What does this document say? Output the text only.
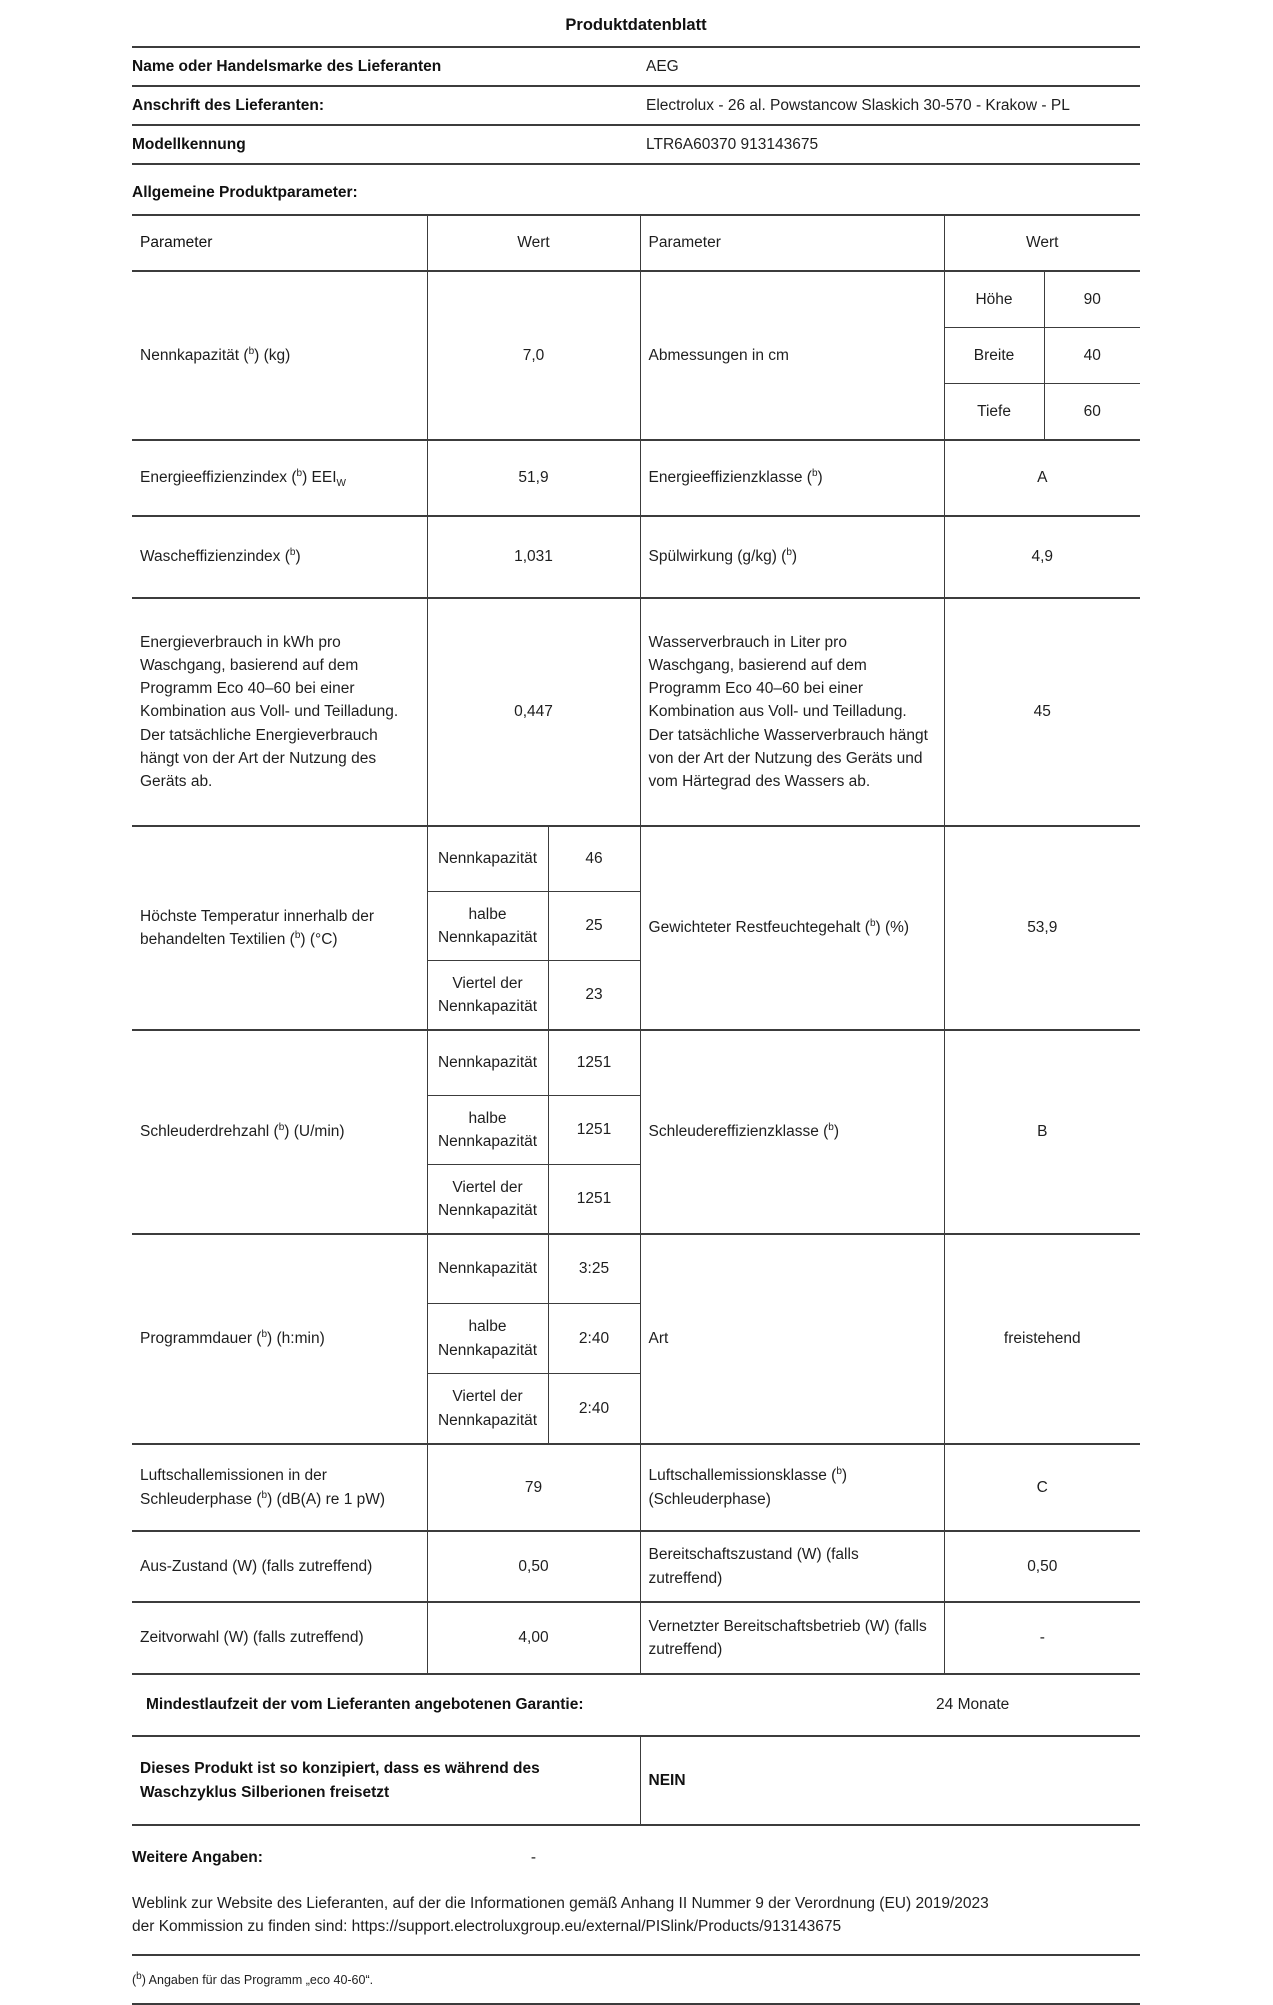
Produktdatenblatt
Name oder Handelsmarke des Lieferanten	AEG
Anschrift des Lieferanten:	Electrolux - 26 al. Powstancow Slaskich 30-570 - Krakow - PL
Modellkennung	LTR6A60370 913143675
Allgemeine Produktparameter:
Parameter	Wert		Parameter	Wert	
Nennkapazität ($^b$) (kg)	7,0		Abmessungen in cm	Höhe	90
				Breite	40
				Tiefe	60
Energieeffizienzindex ($^b$) $EEI_W$	51,9		Energieeffizienzklasse ($^b$)	A	
Wascheffizienzindex ($^b$)	1,031		Spülwirkung (g/kg) ($^b$)	4,9	
Energieverbrauch in kWh pro Waschgang, basierend auf dem Programm Eco 40–60 bei einer Kombination aus Voll- und Teilladung. Der tatsächliche Energieverbrauch hängt von der Art der Nutzung des Geräts ab.	0,447	Wasserverbrauch in Liter pro Waschgang, basierend auf dem Programm Eco 40–60 bei einer Kombination aus Voll- und Teilladung. Der tatsächliche Wasserverbrauch hängt von der Art der Nutzung des Geräts und vom Härtegrad des Wassers ab.	45
Höchste Temperatur innerhalb der behandelten Textilien ($^b$) (°C)	Nennkapazität	46	Gewichteter Restfeuchtegehalt ($^b$) (%)	53,9	
	halbe Nennkapazität	25			
	Viertel der Nennkapazität	23			
Schleuderdrehzahl ($^b$) (U/min)	Nennkapazität	1251	Schleudereffizienzklasse ($^b$)	B	
	halbe Nennkapazität	1251			
	Viertel der Nennkapazität	1251			
Programmdauer ($^b$) (h:min)	Nennkapazität	3:25	Art	freistehend	
	halbe Nennkapazität	2:40			
	Viertel der Nennkapazität	2:40			
Luftschallemissionen in der Schleuderphase ($^b$) (dB(A) re 1 pW)	79		Luftschallemissionsklasse ($^b$) (Schleuderphase)	C	
Aus-Zustand (W) (falls zutreffend)	0,50		Bereitschaftszustand (W) (falls zutreffend)	0,50	
Zeitvorwahl (W) (falls zutreffend)	4,00		Vernetzter Bereitschaftsbetrieb (W) (falls zutreffend)	-	

Mindestlaufzeit der vom Lieferanten angebotenen Garantie: 24 Monate					

Dieses Produkt ist so konzipiert, dass es während des Waschzyklus Silberionen freisetzt			NEIN		
Weitere Angaben:	-

Weblink zur Website des Lieferanten, auf der die Informationen gemäß Anhang II Nummer 9 der Verordnung (EU) 2019/2023 der Kommission zu finden sind: https://support.electroluxgroup.eu/external/PISlink/Products/913143675

($^b$) Angaben für das Programm „eco 40-60“.
